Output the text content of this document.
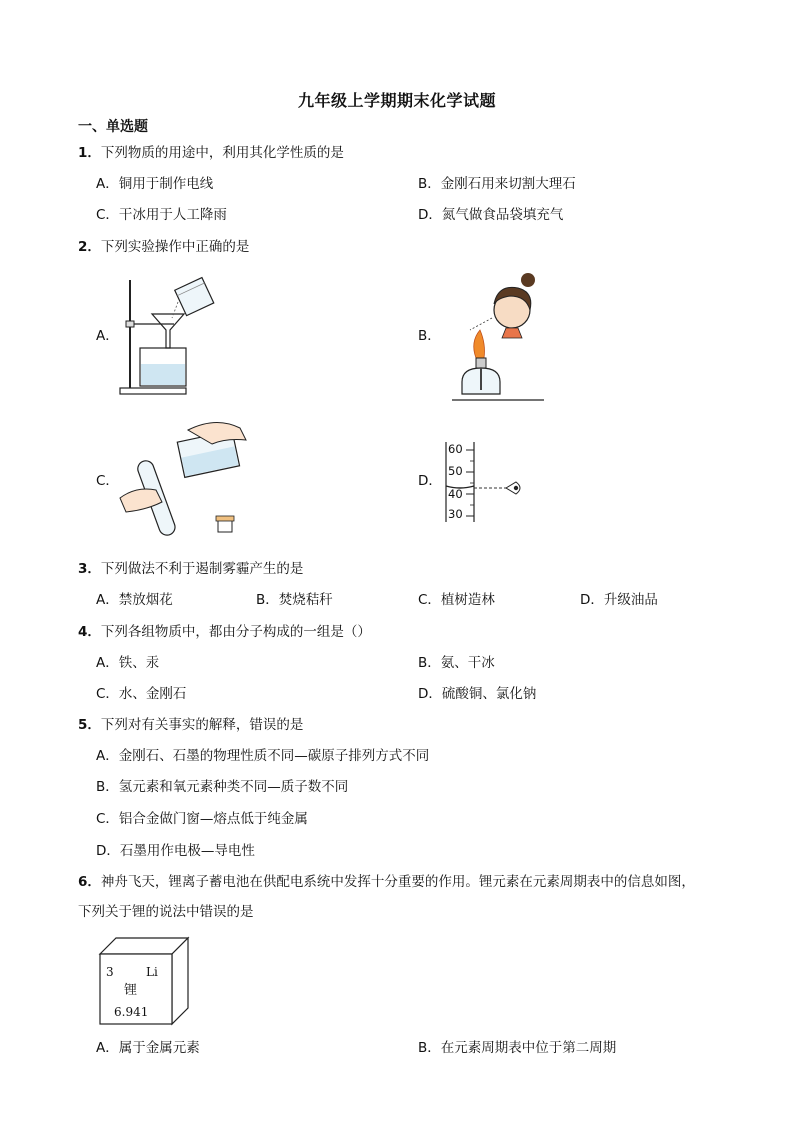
九年级上学期期末化学试题
一、单选题
1．下列物质的用途中，利用其化学性质的是
A．铜用于制作电线	B．金刚石用来切割大理石
C．干冰用于人工降雨	D．氮气做食品袋填充气
2．下列实验操作中正确的是
A．	B．
C．	D．
60
50
40
30
3．下列做法不利于遏制雾霾产生的是
A．禁放烟花	B．焚烧秸秆	C．植树造林	D．升级油品
4．下列各组物质中，都由分子构成的一组是（）
A．铁、汞	B．氨、干冰
C．水、金刚石	D．硫酸铜、氯化钠
5．下列对有关事实的解释，错误的是
A．金刚石、石墨的物理性质不同—碳原子排列方式不同
B．氢元素和氧元素种类不同—质子数不同
C．铝合金做门窗—熔点低于纯金属
D．石墨用作电极—导电性
6．神舟飞天，锂离子蓄电池在供配电系统中发挥十分重要的作用。锂元素在元素周期表中的信息如图，
下列关于锂的说法中错误的是
3	Li
锂
6.941
A．属于金属元素	B．在元素周期表中位于第二周期
